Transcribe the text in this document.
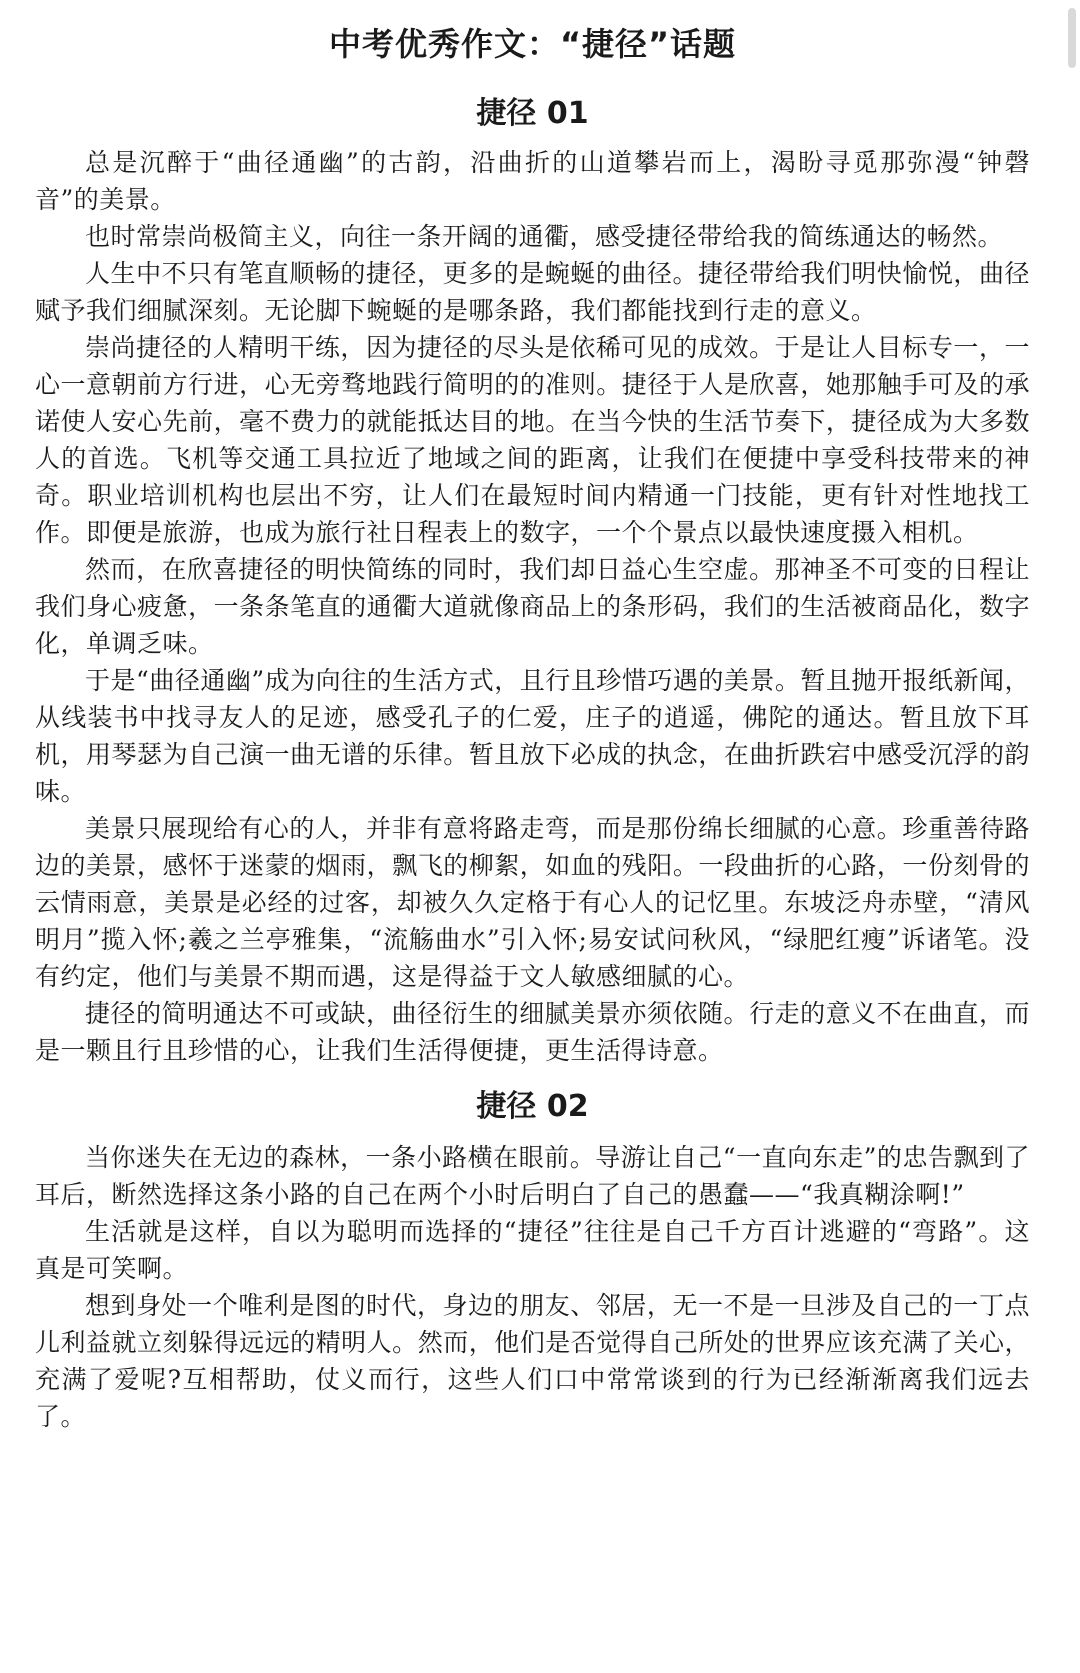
中考优秀作文：“捷径”话题
捷径 01

总是沉醉于“曲径通幽”的古韵，沿曲折的山道攀岩而上，渴盼寻觅那弥漫“钟磬音”的美景。

也时常崇尚极简主义，向往一条开阔的通衢，感受捷径带给我的简练通达的畅然。

人生中不只有笔直顺畅的捷径，更多的是蜿蜒的曲径。捷径带给我们明快愉悦，曲径赋予我们细腻深刻。无论脚下蜿蜒的是哪条路，我们都能找到行走的意义。

崇尚捷径的人精明干练，因为捷径的尽头是依稀可见的成效。于是让人目标专一，一心一意朝前方行进，心无旁骛地践行简明的的准则。捷径于人是欣喜，她那触手可及的承诺使人安心先前，毫不费力的就能抵达目的地。在当今快的生活节奏下，捷径成为大多数人的首选。飞机等交通工具拉近了地域之间的距离，让我们在便捷中享受科技带来的神奇。职业培训机构也层出不穷，让人们在最短时间内精通一门技能，更有针对性地找工作。即便是旅游，也成为旅行社日程表上的数字，一个个景点以最快速度摄入相机。

然而，在欣喜捷径的明快简练的同时，我们却日益心生空虚。那神圣不可变的日程让我们身心疲惫，一条条笔直的通衢大道就像商品上的条形码，我们的生活被商品化，数字化，单调乏味。

于是“曲径通幽”成为向往的生活方式，且行且珍惜巧遇的美景。暂且抛开报纸新闻，从线装书中找寻友人的足迹，感受孔子的仁爱，庄子的逍遥，佛陀的通达。暂且放下耳机，用琴瑟为自己演一曲无谱的乐律。暂且放下必成的执念，在曲折跌宕中感受沉浮的韵味。

美景只展现给有心的人，并非有意将路走弯，而是那份绵长细腻的心意。珍重善待路边的美景，感怀于迷蒙的烟雨，飘飞的柳絮，如血的残阳。一段曲折的心路，一份刻骨的云情雨意，美景是必经的过客，却被久久定格于有心人的记忆里。东坡泛舟赤壁，“清风明月”揽入怀;羲之兰亭雅集，“流觞曲水”引入怀;易安试问秋风，“绿肥红瘦”诉诸笔。没有约定，他们与美景不期而遇，这是得益于文人敏感细腻的心。

捷径的简明通达不可或缺，曲径衍生的细腻美景亦须依随。行走的意义不在曲直，而是一颗且行且珍惜的心，让我们生活得便捷，更生活得诗意。

捷径 02

当你迷失在无边的森林，一条小路横在眼前。导游让自己“一直向东走”的忠告飘到了耳后，断然选择这条小路的自己在两个小时后明白了自己的愚蠢——“我真糊涂啊!”

生活就是这样，自以为聪明而选择的“捷径”往往是自己千方百计逃避的“弯路”。这真是可笑啊。

想到身处一个唯利是图的时代，身边的朋友、邻居，无一不是一旦涉及自己的一丁点儿利益就立刻躲得远远的精明人。然而，他们是否觉得自己所处的世界应该充满了关心，充满了爱呢?互相帮助，仗义而行，这些人们口中常常谈到的行为已经渐渐离我们远去了。
